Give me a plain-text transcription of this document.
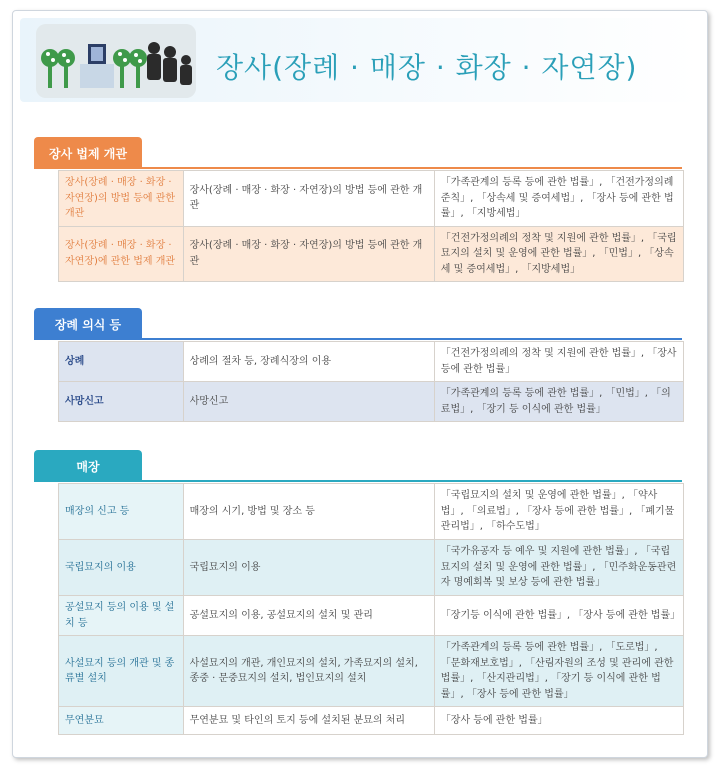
장사(장례 · 매장 · 화장 · 자연장)
장사 법제 개관
장사(장례 · 매장 · 화장 · 자연장)의 방법 등에 관한 개관	장사(장례 · 매장 · 화장 · 자연장)의 방법 등에 관한 개관	「가족관계의 등록 등에 관한 법률」, 「건전가정의례준칙」, 「상속세 및 증여세법」, 「장사 등에 관한 법률」, 「지방세법」
장사(장례 · 매장 · 화장 · 자연장)에 관한 법제 개관	장사(장례 · 매장 · 화장 · 자연장)의 방법 등에 관한 개관	「건전가정의례의 정착 및 지원에 관한 법률」, 「국립묘지의 설치 및 운영에 관한 법률」, 「민법」, 「상속세 및 증여세법」, 「지방세법」
장례 의식 등
상례	상례의 절차 등, 장례식장의 이용	「건전가정의례의 정착 및 지원에 관한 법률」, 「장사 등에 관한 법률」
사망신고	사망신고	「가족관계의 등록 등에 관한 법률」, 「민법」, 「의료법」, 「장기 등 이식에 관한 법률」
매장
매장의 신고 등	매장의 시기, 방법 및 장소 등	「국립묘지의 설치 및 운영에 관한 법률」, 「약사법」, 「의료법」, 「장사 등에 관한 법률」, 「폐기물관리법」, 「하수도법」
국립묘지의 이용	국립묘지의 이용	「국가유공자 등 예우 및 지원에 관한 법률」, 「국립묘지의 설치 및 운영에 관한 법률」, 「민주화운동관련자 명예회복 및 보상 등에 관한 법률」
공설묘지 등의 이용 및 설치 등	공설묘지의 이용, 공설묘지의 설치 및 관리	「장기등 이식에 관한 법률」, 「장사 등에 관한 법률」
사설묘지 등의 개관 및 종류별 설치	사설묘지의 개관, 개인묘지의 설치, 가족묘지의 설치, 종중 · 문중묘지의 설치, 법인묘지의 설치	「가족관계의 등록 등에 관한 법률」, 「도로법」, 「문화재보호법」, 「산림자원의 조성 및 관리에 관한 법률」, 「산지관리법」, 「장기 등 이식에 관한 법률」, 「장사 등에 관한 법률」
무연분묘	무연분묘 및 타인의 토지 등에 설치된 분묘의 처리	「장사 등에 관한 법률」
